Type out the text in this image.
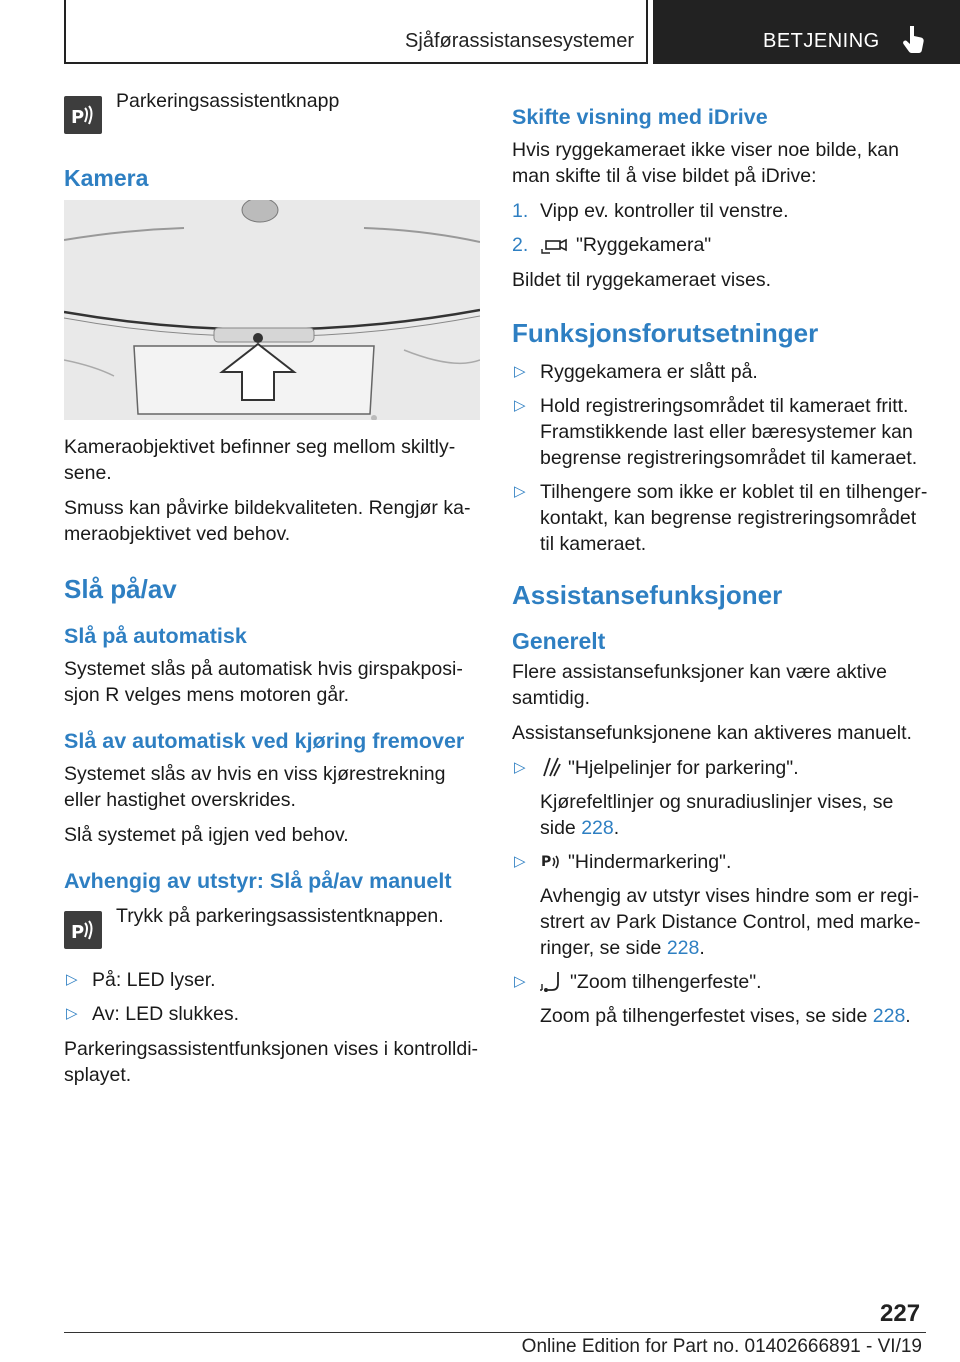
Sjåførassistansesystemer	BETJENING
P
Parkeringsassistentknapp
Kamera

Kameraobjektivet befinner seg mellom skiltlysene.

Smuss kan påvirke bildekvaliteten. Rengjør kameraobjektivet ved behov.

Slå på/av
Slå på automatisk

Systemet slås på automatisk hvis girspakposisjon R velges mens motoren går.

Slå av automatisk ved kjøring fremover

Systemet slås av hvis en viss kjørestrekning eller hastighet overskrides.

Slå systemet på igjen ved behov.

Avhengig av utstyr: Slå på/av manuelt
P
Trykk på parkeringsassistentknappen.
▷ På: LED lyser.
▷ Av: LED slukkes.

Parkeringsassistentfunksjonen vises i kontrolldisplayet.

Skifte visning med iDrive

Hvis ryggekameraet ikke viser noe bilde, kan man skifte til å vise bildet på iDrive:

1. Vipp ev. kontroller til venstre.
2. "Ryggekamera"

Bildet til ryggekameraet vises.

Funksjonsforutsetninger
▷ Ryggekamera er slått på.
▷ Hold registreringsområdet til kameraet fritt. Framstikkende last eller bæresystemer kan begrense registreringsområdet til kameraet.
▷ Tilhengere som ikke er koblet til en tilhengerkontakt, kan begrense registreringsområdet til kameraet.
Assistansefunksjoner
Generelt

Flere assistansefunksjoner kan være aktive samtidig.

Assistansefunksjonene kan aktiveres manuelt.

▷ "Hjelpelinjer for parkering".
Kjørefeltlinjer og snuradiuslinjer vises, se side 228.
▷ P "Hindermarkering".
Avhengig av utstyr vises hindre som er registrert av Park Distance Control, med markeringer, se side 228.
▷ "Zoom tilhengerfeste".
Zoom på tilhengerfestet vises, se side 228.
227
Online Edition for Part no. 01402666891 - VI/19
